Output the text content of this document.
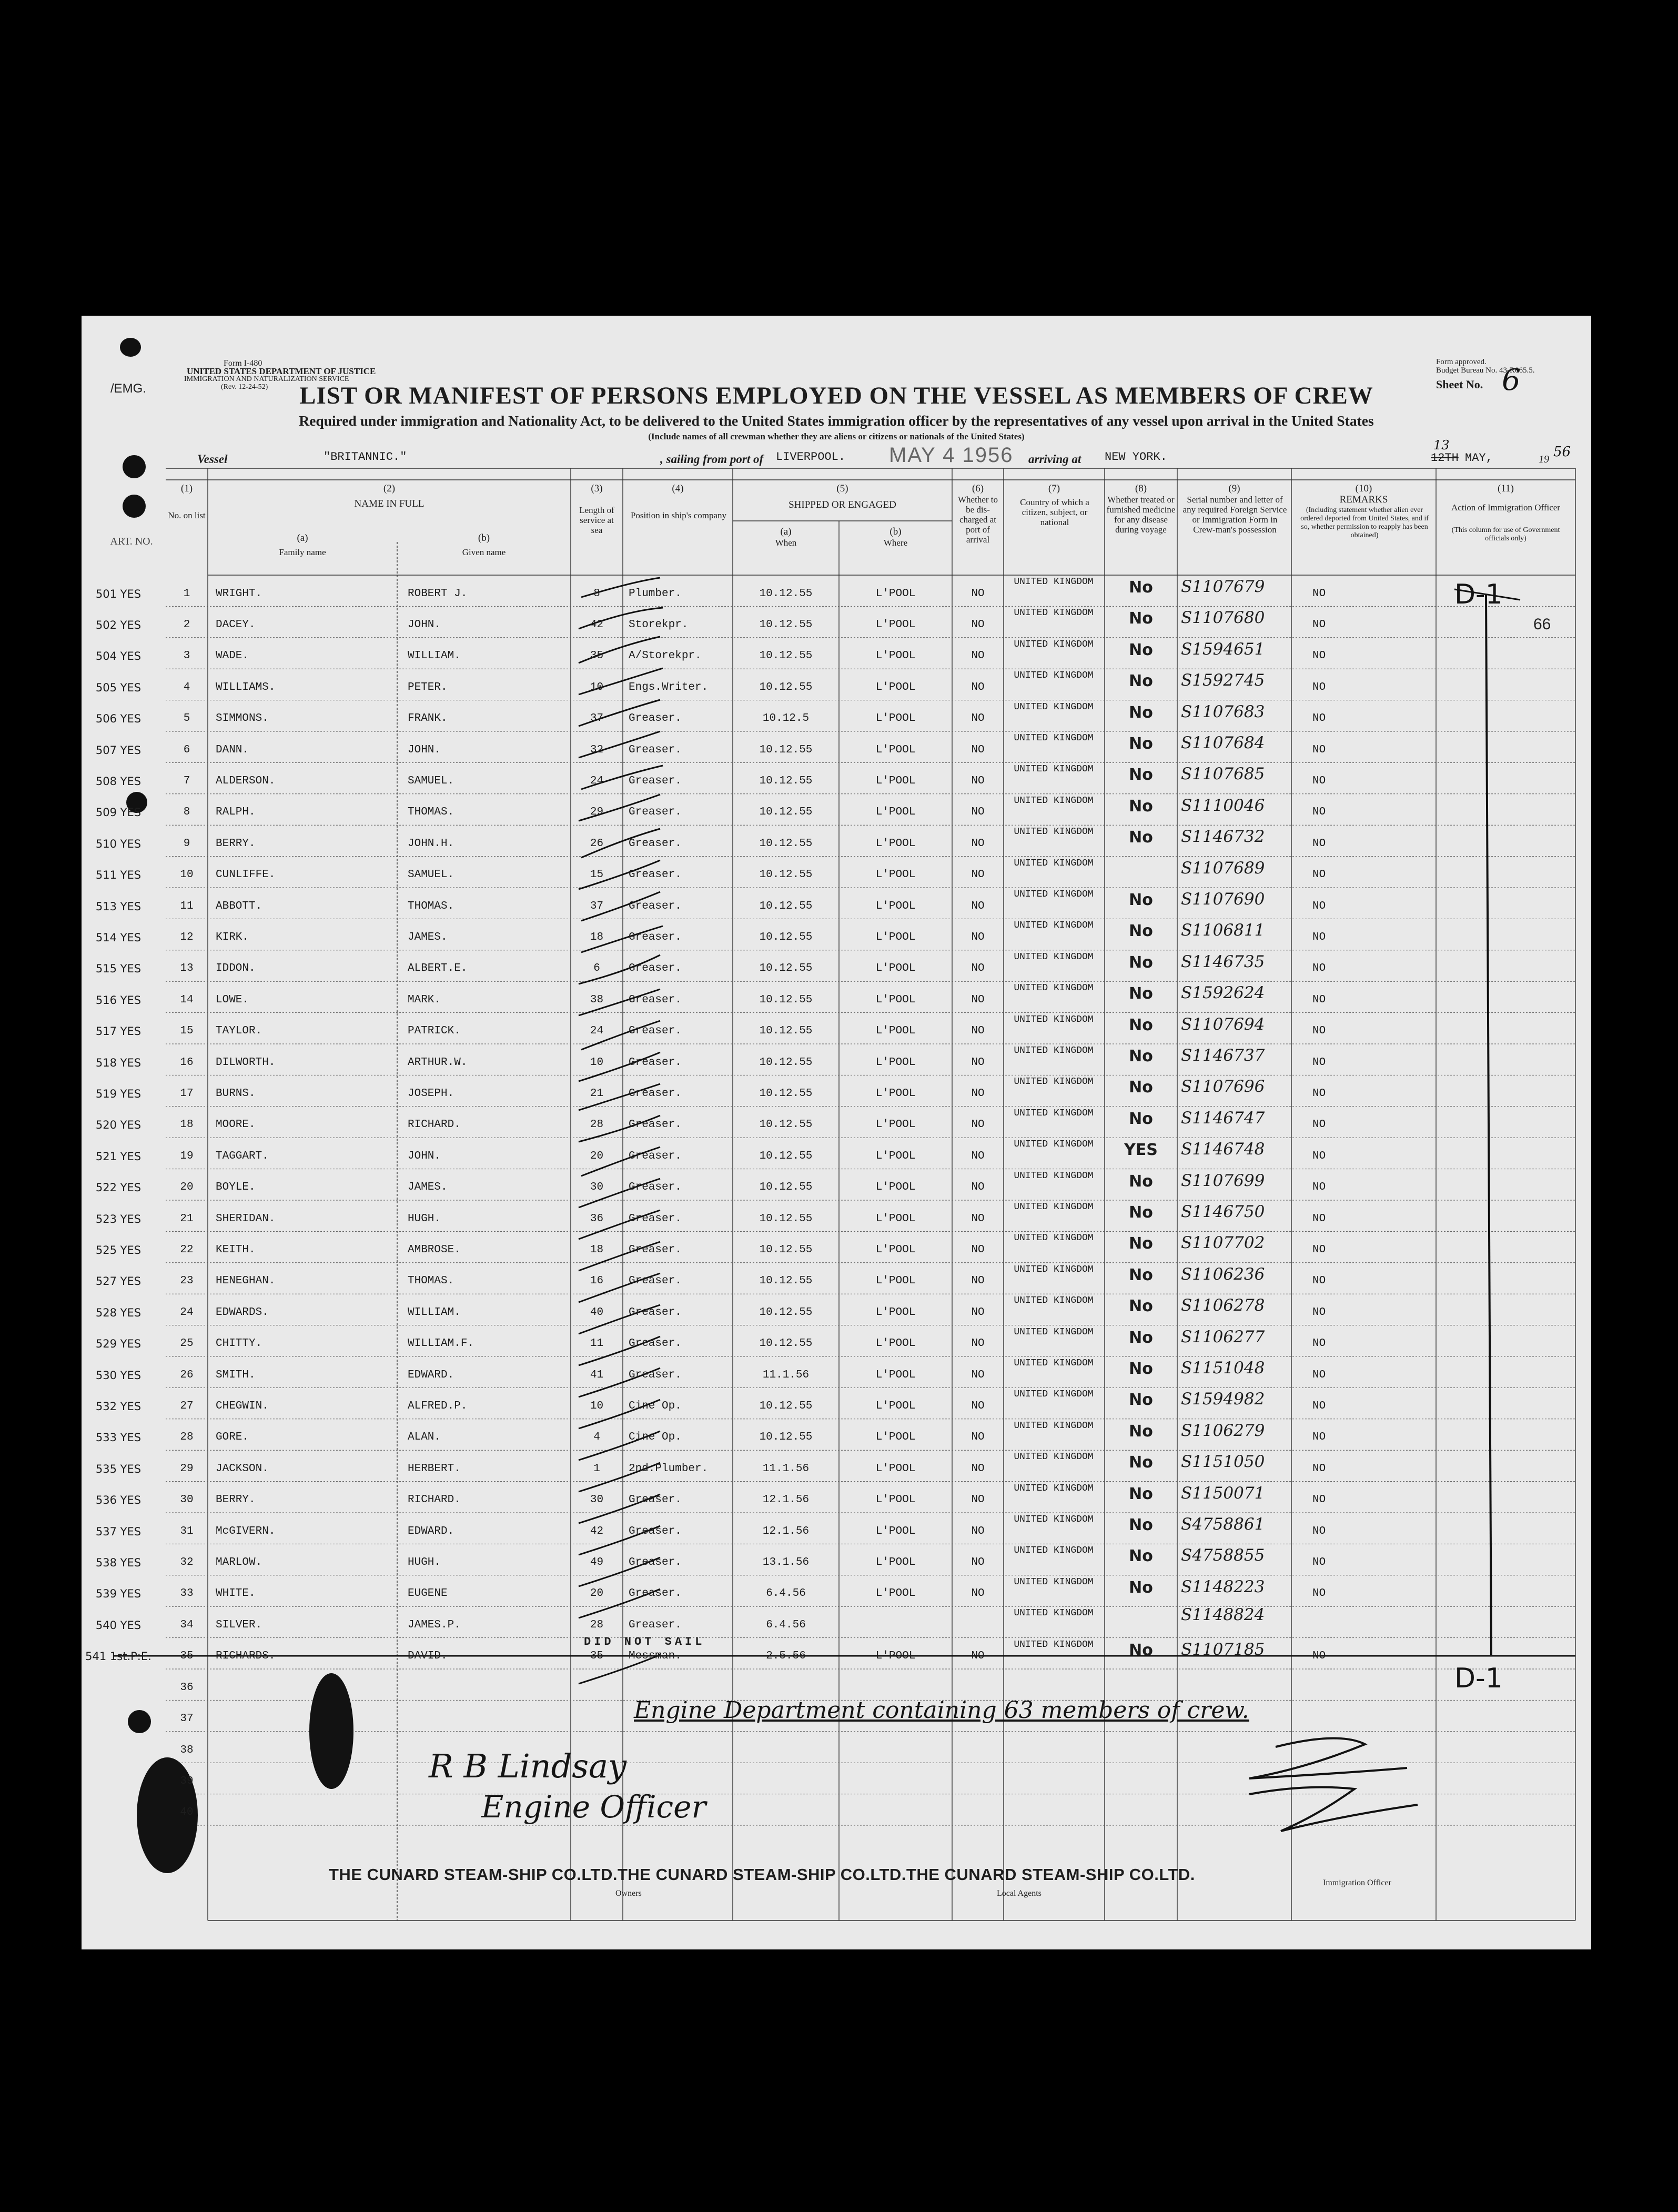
Form I-480
UNITED STATES DEPARTMENT OF JUSTICE
IMMIGRATION AND NATURALIZATION SERVICE
(Rev. 12-24-52)
Form approved.
Budget Bureau No. 43-R065.5.
Sheet No. 6
/EMG.	LIST OR MANIFEST OF PERSONS EMPLOYED ON THE VESSEL AS MEMBERS OF CREW
Required under immigration and Nationality Act, to be delivered to the United States immigration officer by the representatives of any vessel upon arrival in the United States
(Include names of all crewman whether they are aliens or citizens or nationals of the United States)
Vessel	"BRITANNIC."	, sailing from port of LIVERPOOL. MAY 4 1956 arriving at NEW YORK.
13
12TH MAY,	19 56
(1)
No. on list
(2)
NAME IN FULL
(a)
Family name
(b)
Given name
(3)
Length of service at sea
(4)
Position in ship's company
(5)
SHIPPED OR ENGAGED
(a)
When
(b)
Where
(6)
Whether to be dis-charged at port of arrival
(7)
Country of which a citizen, subject, or national
(8)
Whether treated or furnished medicine for any disease during voyage
(9)
Serial number and letter of any required Foreign Service or Immigration Form in Crew-man's possession
(10)
REMARKS
(Including statement whether alien ever ordered deported from United States, and if so, whether permission to reapply has been obtained)
(11)
Action of Immigration Officer
(This column for use of Government officials only)
ART. NO.
501 YES	1	WRIGHT.	ROBERT J.	8	Plumber.	10.12.55	L'POOL	NO
UNITED KINGDOM	No	S1107679	NO
502 YES	2	DACEY.	JOHN.	42	Storekpr.	10.12.55	L'POOL	NO
UNITED KINGDOM	No	S1107680	NO
504 YES	3	WADE.	WILLIAM.	35	A/Storekpr.	10.12.55	L'POOL	NO
UNITED KINGDOM	No	S1594651	NO
505 YES	4	WILLIAMS.	PETER.	10	Engs.Writer.	10.12.55	L'POOL	NO
UNITED KINGDOM	No	S1592745	NO
506 YES	5	SIMMONS.	FRANK.	37	Greaser.	10.12.5	L'POOL	NO
UNITED KINGDOM	No	S1107683	NO
507 YES	6	DANN.	JOHN.	32	Greaser.	10.12.55	L'POOL	NO
UNITED KINGDOM	No	S1107684	NO
508 YES	7	ALDERSON.	SAMUEL.	24	Greaser.	10.12.55	L'POOL	NO
UNITED KINGDOM	No	S1107685	NO
509 YES	8	RALPH.	THOMAS.	29	Greaser.	10.12.55	L'POOL	NO
UNITED KINGDOM	No	S1110046	NO
510 YES	9	BERRY.	JOHN.H.	26	Greaser.	10.12.55	L'POOL	NO
UNITED KINGDOM	No	S1146732	NO
511 YES	10	CUNLIFFE.	SAMUEL.	15	Greaser.	10.12.55	L'POOL	NO
UNITED KINGDOM	S1107689	NO
513 YES	11	ABBOTT.	THOMAS.	37	Greaser.	10.12.55	L'POOL	NO
UNITED KINGDOM	No	S1107690	NO
514 YES	12	KIRK.	JAMES.	18	Greaser.	10.12.55	L'POOL	NO
UNITED KINGDOM	No	S1106811	NO
515 YES	13	IDDON.	ALBERT.E.	6	Greaser.	10.12.55	L'POOL	NO
UNITED KINGDOM	No	S1146735	NO
516 YES	14	LOWE.	MARK.	38	Greaser.	10.12.55	L'POOL	NO
UNITED KINGDOM	No	S1592624	NO
517 YES	15	TAYLOR.	PATRICK.	24	Greaser.	10.12.55	L'POOL	NO
UNITED KINGDOM	No	S1107694	NO
518 YES	16	DILWORTH.	ARTHUR.W.	10	Greaser.	10.12.55	L'POOL	NO
UNITED KINGDOM	No	S1146737	NO
519 YES	17	BURNS.	JOSEPH.	21	Greaser.	10.12.55	L'POOL	NO
UNITED KINGDOM	No	S1107696	NO
520 YES	18	MOORE.	RICHARD.	28	Greaser.	10.12.55	L'POOL	NO
UNITED KINGDOM	No	S1146747	NO
521 YES	19	TAGGART.	JOHN.	20	Greaser.	10.12.55	L'POOL	NO
UNITED KINGDOM	YES	S1146748	NO
522 YES	20	BOYLE.	JAMES.	30	Greaser.	10.12.55	L'POOL	NO
UNITED KINGDOM	No	S1107699	NO
523 YES	21	SHERIDAN.	HUGH.	36	Greaser.	10.12.55	L'POOL	NO
UNITED KINGDOM	No	S1146750	NO
525 YES	22	KEITH.	AMBROSE.	18	Greaser.	10.12.55	L'POOL	NO
UNITED KINGDOM	No	S1107702	NO
527 YES	23	HENEGHAN.	THOMAS.	16	Greaser.	10.12.55	L'POOL	NO
UNITED KINGDOM	No	S1106236	NO
528 YES	24	EDWARDS.	WILLIAM.	40	Greaser.	10.12.55	L'POOL	NO
UNITED KINGDOM	No	S1106278	NO
529 YES	25	CHITTY.	WILLIAM.F.	11	Greaser.	10.12.55	L'POOL	NO
UNITED KINGDOM	No	S1106277	NO
530 YES	26	SMITH.	EDWARD.	41	Greaser.	11.1.56	L'POOL	NO
UNITED KINGDOM	No	S1151048	NO
532 YES	27	CHEGWIN.	ALFRED.P.	10	Cine Op.	10.12.55	L'POOL	NO
UNITED KINGDOM	No	S1594982	NO
533 YES	28	GORE.	ALAN.	4	Cine Op.	10.12.55	L'POOL	NO
UNITED KINGDOM	No	S1106279	NO
535 YES	29	JACKSON.	HERBERT.	1	2nd.Plumber.	11.1.56	L'POOL	NO
UNITED KINGDOM	No	S1151050	NO
536 YES	30	BERRY.	RICHARD.	30	Greaser.	12.1.56	L'POOL	NO
UNITED KINGDOM	No	S1150071	NO
537 YES	31	McGIVERN.	EDWARD.	42	Greaser.	12.1.56	L'POOL	NO
UNITED KINGDOM	No	S4758861	NO
538 YES	32	MARLOW.	HUGH.	49	Greaser.	13.1.56	L'POOL	NO
UNITED KINGDOM	No	S4758855	NO
539 YES	33	WHITE.	EUGENE	20	Greaser.	6.4.56	L'POOL	NO
UNITED KINGDOM	No	S1148223	NO
540 YES	34	SILVER.	JAMES.P.	28	Greaser.	6.4.56
UNITED KINGDOM	S1148824
541 1st.P:E.	35	RICHARDS.	DAVID.	35	Messman.	2.5.56	L'POOL	NO
UNITED KINGDOM	No	S1107185	NO
36
37
38
39
40
D-1
66
D-1
DID NOT SAIL
Engine Department containing 63 members of crew.
R B Lindsay
Engine Officer
THE CUNARD STEAM-SHIP CO.LTD.THE CUNARD STEAM-SHIP CO.LTD.THE CUNARD STEAM-SHIP CO.LTD.
Owners	Local Agents
Immigration Officer
